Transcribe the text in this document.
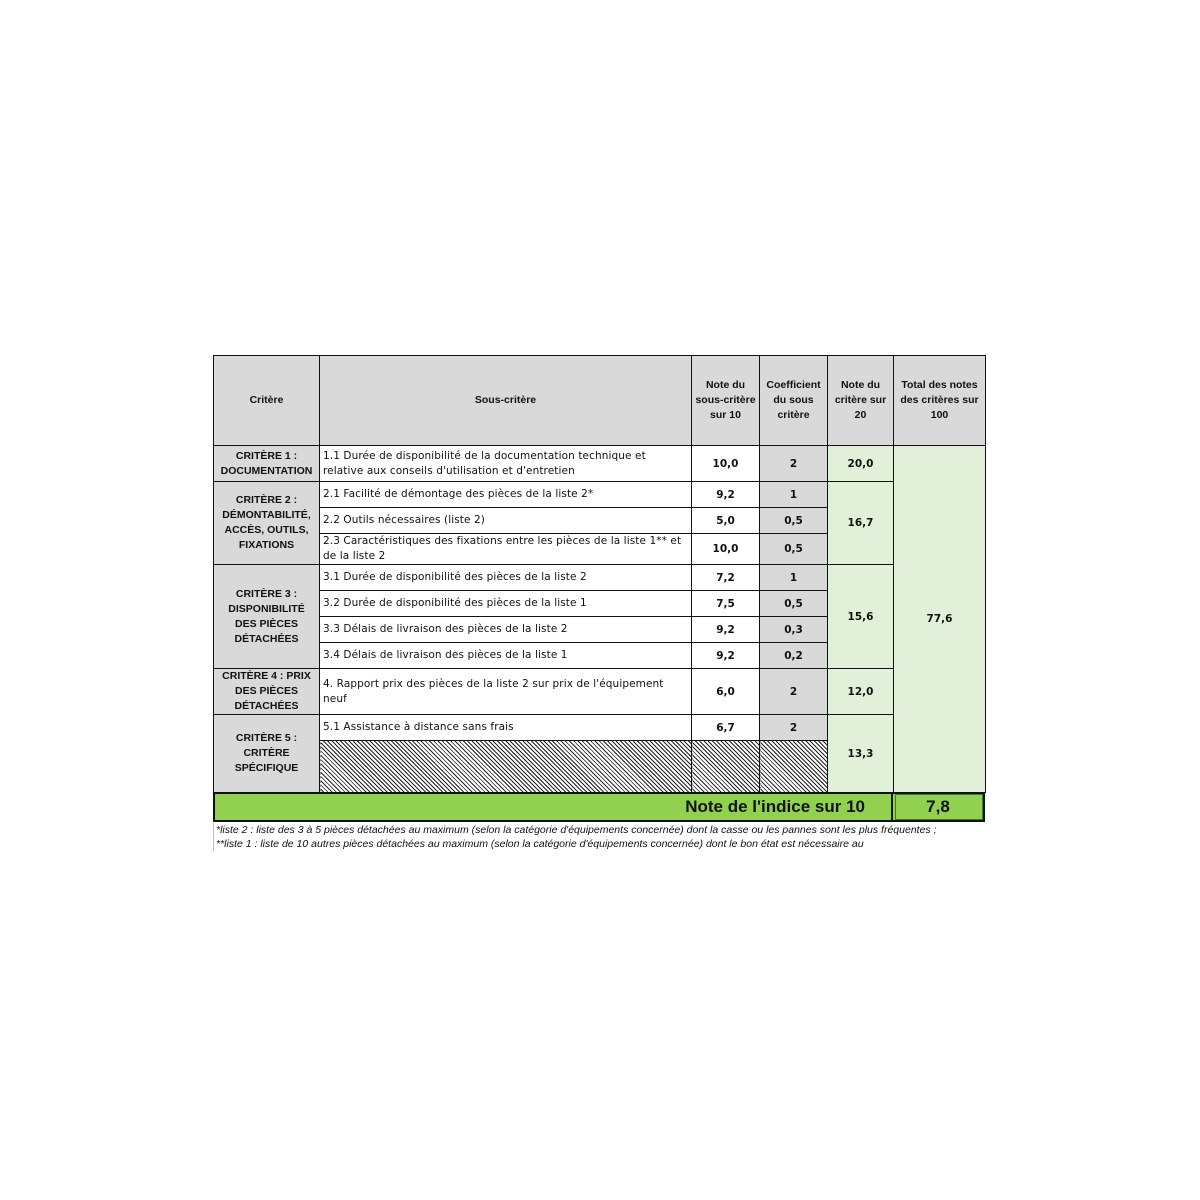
Critère	Sous-critère	Note du sous-critère sur 10	Coefficient du sous critère	Note du critère sur 20	Total des notes des critères sur 100
CRITÈRE 1 : DOCUMENTATION	1.1 Durée de disponibilité de la documentation technique et relative aux conseils d'utilisation et d'entretien	10,0	2	20,0	77,6
CRITÈRE 2 : DÉMONTABILITÉ, ACCÈS, OUTILS, FIXATIONS	2.1 Facilité de démontage des pièces de la liste 2*	9,2	1	16,7	
	2.2 Outils nécessaires (liste 2)	5,0	0,5		
	2.3 Caractéristiques des fixations entre les pièces de la liste 1** et de la liste 2	10,0	0,5		
CRITÈRE 3 : DISPONIBILITÉ DES PIÈCES DÉTACHÉES	3.1 Durée de disponibilité des pièces de la liste 2	7,2	1	15,6	
	3.2 Durée de disponibilité des pièces de la liste 1	7,5	0,5		
	3.3 Délais de livraison des pièces de la liste 2	9,2	0,3		
	3.4 Délais de livraison des pièces de la liste 1	9,2	0,2		
CRITÈRE 4 : PRIX DES PIÈCES DÉTACHÉES	4. Rapport prix des pièces de la liste 2 sur prix de l'équipement neuf	6,0	2	12,0	
CRITÈRE 5 : CRITÈRE SPÉCIFIQUE	5.1 Assistance à distance sans frais	6,7	2	13,3	

Note de l'indice sur 10	7,8
*liste 2 : liste des 3 à 5 pièces détachées au maximum (selon la catégorie d'équipements concernée) dont la casse ou les pannes sont les plus fréquentes ;
**liste 1 : liste de 10 autres pièces détachées au maximum (selon la catégorie d'équipements concernée) dont le bon état est nécessaire au
